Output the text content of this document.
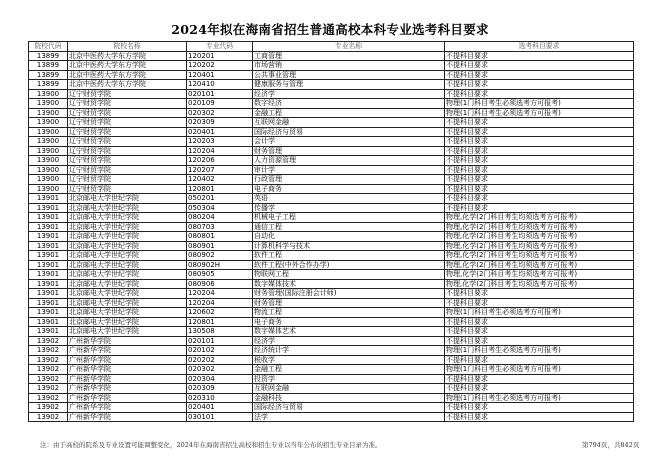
2024年拟在海南省招生普通高校本科专业选考科目要求
院校代码	院校名称	专业代码	专业名称	选考科目要求
13899	北京中医药大学东方学院	120201	工商管理	不提科目要求
13899	北京中医药大学东方学院	120202	市场营销	不提科目要求
13899	北京中医药大学东方学院	120401	公共事业管理	不提科目要求
13899	北京中医药大学东方学院	120410	健康服务与管理	不提科目要求
13900	辽宁财贸学院	020101	经济学	不提科目要求
13900	辽宁财贸学院	020109	数字经济	物理(1门科目考生必须选考方可报考)
13900	辽宁财贸学院	020302	金融工程	物理(1门科目考生必须选考方可报考)
13900	辽宁财贸学院	020309	互联网金融	不提科目要求
13900	辽宁财贸学院	020401	国际经济与贸易	不提科目要求
13900	辽宁财贸学院	120203	会计学	不提科目要求
13900	辽宁财贸学院	120204	财务管理	不提科目要求
13900	辽宁财贸学院	120206	人力资源管理	不提科目要求
13900	辽宁财贸学院	120207	审计学	不提科目要求
13900	辽宁财贸学院	120402	行政管理	不提科目要求
13900	辽宁财贸学院	120801	电子商务	不提科目要求
13901	北京邮电大学世纪学院	050201	英语	不提科目要求
13901	北京邮电大学世纪学院	050304	传播学	不提科目要求
13901	北京邮电大学世纪学院	080204	机械电子工程	物理,化学(2门科目考生均须选考方可报考)
13901	北京邮电大学世纪学院	080703	通信工程	物理,化学(2门科目考生均须选考方可报考)
13901	北京邮电大学世纪学院	080801	自动化	物理,化学(2门科目考生均须选考方可报考)
13901	北京邮电大学世纪学院	080901	计算机科学与技术	物理,化学(2门科目考生均须选考方可报考)
13901	北京邮电大学世纪学院	080902	软件工程	物理,化学(2门科目考生均须选考方可报考)
13901	北京邮电大学世纪学院	080902H	软件工程(中外合作办学)	物理,化学(2门科目考生均须选考方可报考)
13901	北京邮电大学世纪学院	080905	物联网工程	物理,化学(2门科目考生均须选考方可报考)
13901	北京邮电大学世纪学院	080906	数字媒体技术	物理,化学(2门科目考生均须选考方可报考)
13901	北京邮电大学世纪学院	120204	财务管理(国际注册会计师)	不提科目要求
13901	北京邮电大学世纪学院	120204	财务管理	不提科目要求
13901	北京邮电大学世纪学院	120602	物流工程	物理(1门科目考生必须选考方可报考)
13901	北京邮电大学世纪学院	120801	电子商务	不提科目要求
13901	北京邮电大学世纪学院	130508	数字媒体艺术	不提科目要求
13902	广州新华学院	020101	经济学	不提科目要求
13902	广州新华学院	020102	经济统计学	物理(1门科目考生必须选考方可报考)
13902	广州新华学院	020202	税收学	不提科目要求
13902	广州新华学院	020302	金融工程	物理(1门科目考生必须选考方可报考)
13902	广州新华学院	020304	投资学	不提科目要求
13902	广州新华学院	020309	互联网金融	不提科目要求
13902	广州新华学院	020310	金融科技	物理(1门科目考生必须选考方可报考)
13902	广州新华学院	020401	国际经济与贸易	不提科目要求
13902	广州新华学院	030101	法学	不提科目要求
注：由于高校的院系及专业设置可能调整变化，2024年在海南省招生高校和招生专业以当年公布的招生专业目录为准。	第794页，共842页
